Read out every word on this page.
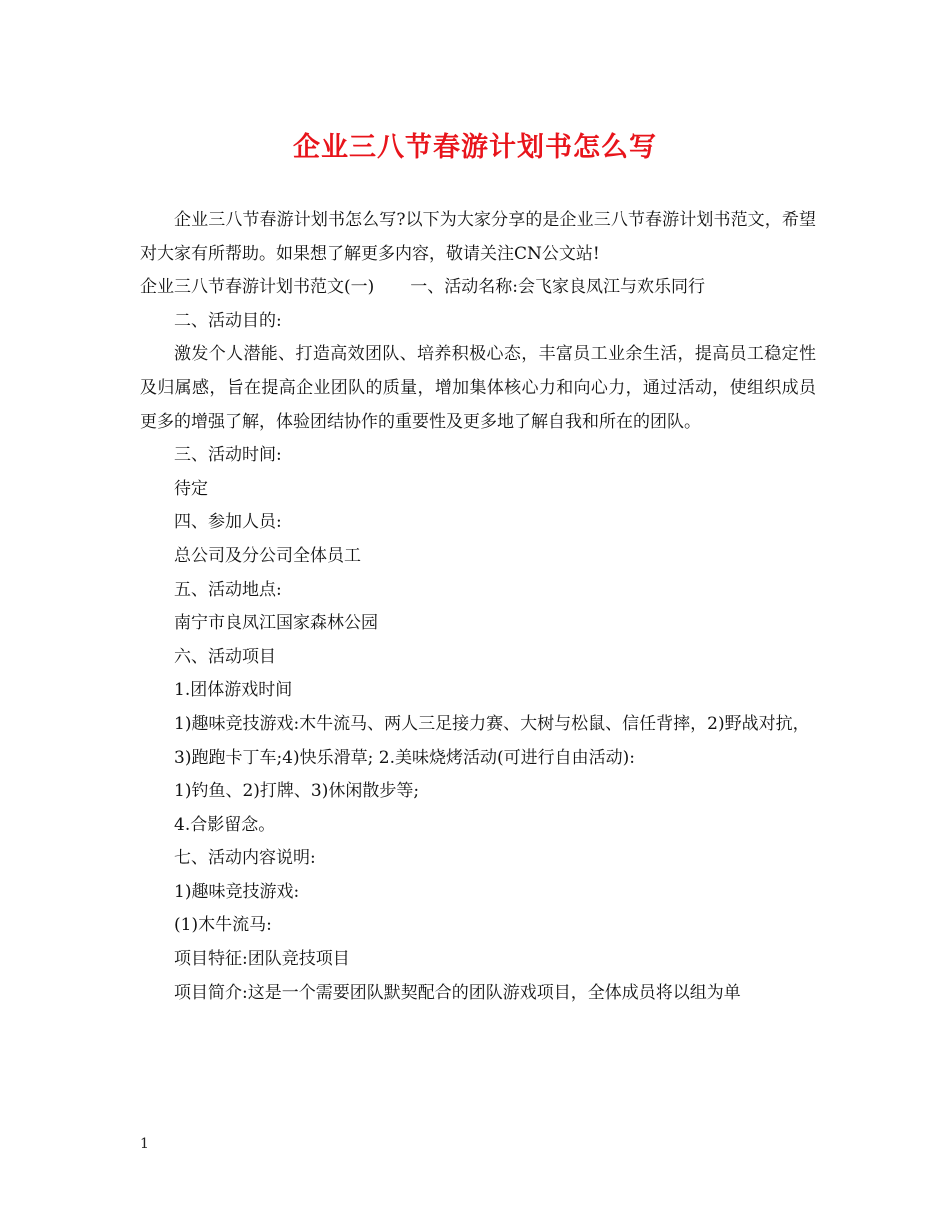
企业三八节春游计划书怎么写

企业三八节春游计划书怎么写?以下为大家分享的是企业三八节春游计划书范文，希望对大家有所帮助。如果想了解更多内容，敬请关注CN公文站!

企业三八节春游计划书范文(一) 一、活动名称:会飞家良凤江与欢乐同行

二、活动目的:

激发个人潜能、打造高效团队、培养积极心态，丰富员工业余生活，提高员工稳定性及归属感，旨在提高企业团队的质量，增加集体核心力和向心力，通过活动，使组织成员更多的增强了解，体验团结协作的重要性及更多地了解自我和所在的团队。

三、活动时间:

待定

四、参加人员:

总公司及分公司全体员工

五、活动地点:

南宁市良凤江国家森林公园

六、活动项目

1.团体游戏时间

1)趣味竞技游戏:木牛流马、两人三足接力赛、大树与松鼠、信任背摔，2)野战对抗，

3)跑跑卡丁车;4)快乐滑草; 2.美味烧烤活动(可进行自由活动):

1)钓鱼、2)打牌、3)休闲散步等;

4.合影留念。

七、活动内容说明:

1)趣味竞技游戏:

(1)木牛流马:

项目特征:团队竞技项目

项目简介:这是一个需要团队默契配合的团队游戏项目，全体成员将以组为单

1
